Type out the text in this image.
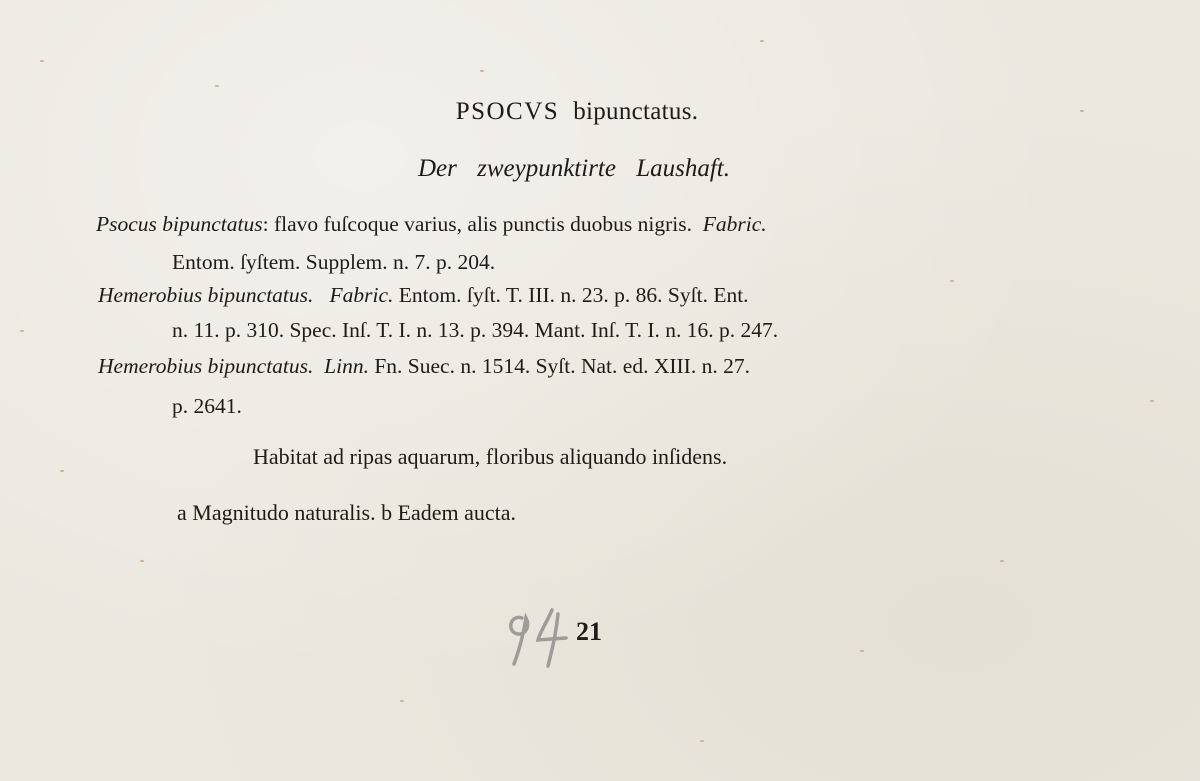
PSOCVS bipunctatus.
Der zweypunktirte Laushaft.
Psocus bipunctatus: flavo fuſcoque varius, alis punctis duobus nigris. Fabric.
Entom. ſyſtem. Supplem. n. 7. p. 204.
Hemerobius bipunctatus. Fabric. Entom. ſyſt. T. III. n. 23. p. 86. Syſt. Ent.
n. 11. p. 310. Spec. Inſ. T. I. n. 13. p. 394. Mant. Inſ. T. I. n. 16. p. 247.
Hemerobius bipunctatus. Linn. Fn. Suec. n. 1514. Syſt. Nat. ed. XIII. n. 27.
p. 2641.
Habitat ad ripas aquarum, floribus aliquando inſidens.
a Magnitudo naturalis. b Eadem aucta.
21
